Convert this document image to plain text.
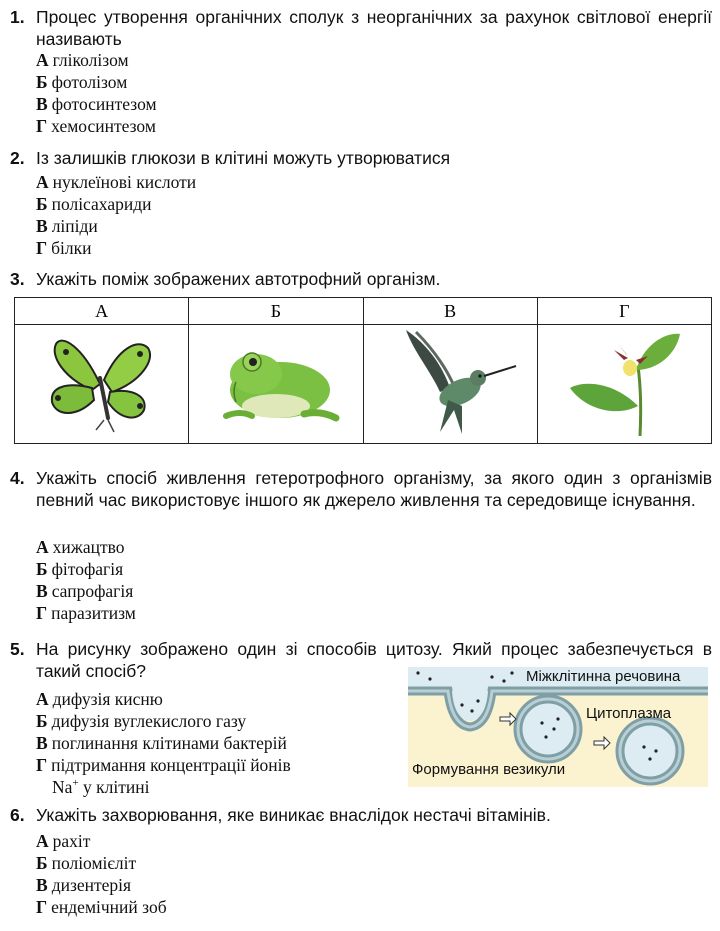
1. Процес утворення органічних сполук з неорганічних за рахунок світлової енергії називають
А гліколізом
Б фотолізом
В фотосинтезом
Г хемосинтезом
2. Із залишків глюкози в клітині можуть утворюватися
А нуклеїнові кислоти
Б полісахариди
В ліпіди
Г білки
3. Укажіть поміж зображених автотрофний організм.
А	Б	В	Г

4. Укажіть спосіб живлення гетеротрофного організму, за якого один з організмів певний час використовує іншого як джерело живлення та середовище існування.
А хижацтво
Б фітофагія
В сапрофагія
Г паразитизм
5. На рисунку зображено один зі способів цитозу. Який процес забезпечується в такий спосіб?
А дифузія кисню
Б дифузія вуглекислого газу
В поглинання клітинами бактерій
Г підтримання концентрації йонів
Na+ у клітині
Міжклітинна речовина
Цитоплазма
Формування везикули
6. Укажіть захворювання, яке виникає внаслідок нестачі вітамінів.
А рахіт
Б поліомієліт
В дизентерія
Г ендемічний зоб
